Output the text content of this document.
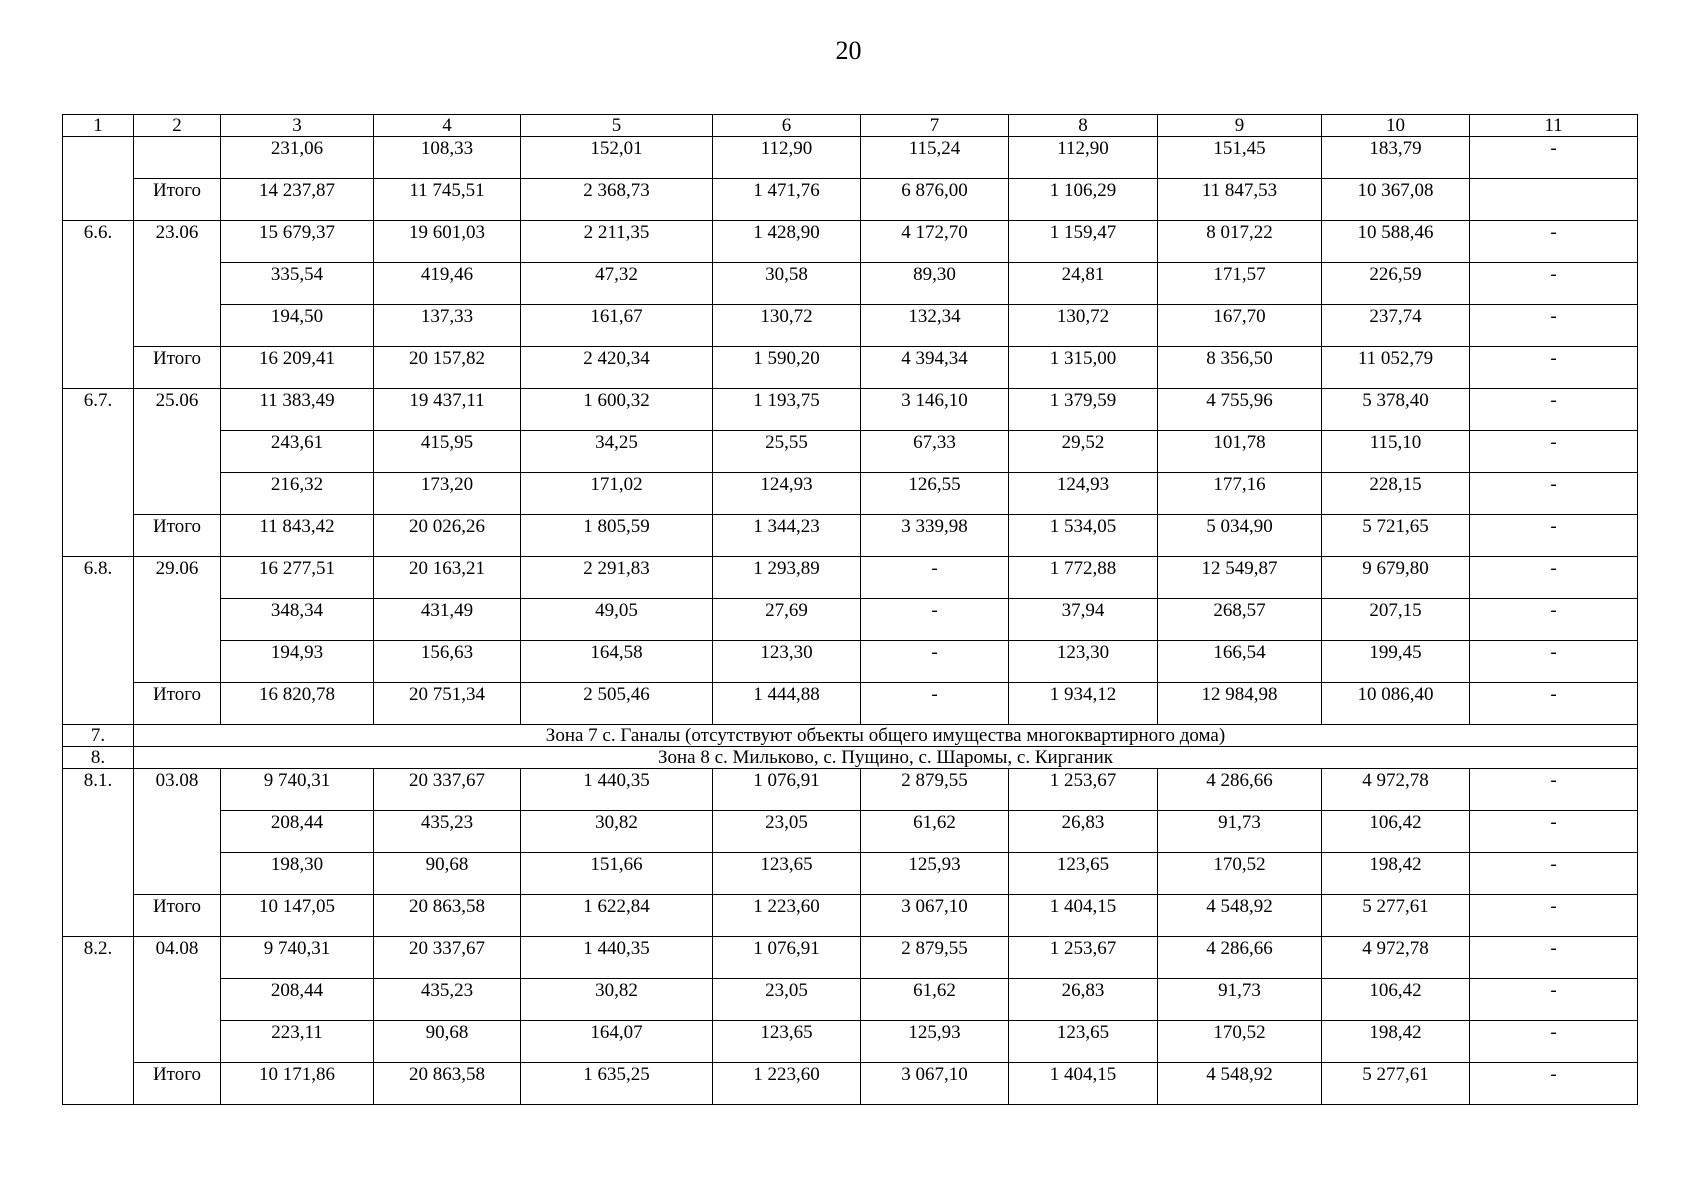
20
1	2	3	4	5	6	7	8	9	10	11
		231,06	108,33	152,01	112,90	115,24	112,90	151,45	183,79	-
	Итого	14 237,87	11 745,51	2 368,73	1 471,76	6 876,00	1 106,29	11 847,53	10 367,08	
6.6.	23.06	15 679,37	19 601,03	2 211,35	1 428,90	4 172,70	1 159,47	8 017,22	10 588,46	-
		335,54	419,46	47,32	30,58	89,30	24,81	171,57	226,59	-
		194,50	137,33	161,67	130,72	132,34	130,72	167,70	237,74	-
	Итого	16 209,41	20 157,82	2 420,34	1 590,20	4 394,34	1 315,00	8 356,50	11 052,79	-
6.7.	25.06	11 383,49	19 437,11	1 600,32	1 193,75	3 146,10	1 379,59	4 755,96	5 378,40	-
		243,61	415,95	34,25	25,55	67,33	29,52	101,78	115,10	-
		216,32	173,20	171,02	124,93	126,55	124,93	177,16	228,15	-
	Итого	11 843,42	20 026,26	1 805,59	1 344,23	3 339,98	1 534,05	5 034,90	5 721,65	-
6.8.	29.06	16 277,51	20 163,21	2 291,83	1 293,89	-	1 772,88	12 549,87	9 679,80	-
		348,34	431,49	49,05	27,69	-	37,94	268,57	207,15	-
		194,93	156,63	164,58	123,30	-	123,30	166,54	199,45	-
	Итого	16 820,78	20 751,34	2 505,46	1 444,88	-	1 934,12	12 984,98	10 086,40	-
7.	Зона 7 с. Ганалы (отсутствуют объекты общего имущества многоквартирного дома)									
8.	Зона 8 с. Мильково, с. Пущино, с. Шаромы, с. Кирганик									
8.1.	03.08	9 740,31	20 337,67	1 440,35	1 076,91	2 879,55	1 253,67	4 286,66	4 972,78	-
		208,44	435,23	30,82	23,05	61,62	26,83	91,73	106,42	-
		198,30	90,68	151,66	123,65	125,93	123,65	170,52	198,42	-
	Итого	10 147,05	20 863,58	1 622,84	1 223,60	3 067,10	1 404,15	4 548,92	5 277,61	-
8.2.	04.08	9 740,31	20 337,67	1 440,35	1 076,91	2 879,55	1 253,67	4 286,66	4 972,78	-
		208,44	435,23	30,82	23,05	61,62	26,83	91,73	106,42	-
		223,11	90,68	164,07	123,65	125,93	123,65	170,52	198,42	-
	Итого	10 171,86	20 863,58	1 635,25	1 223,60	3 067,10	1 404,15	4 548,92	5 277,61	-
